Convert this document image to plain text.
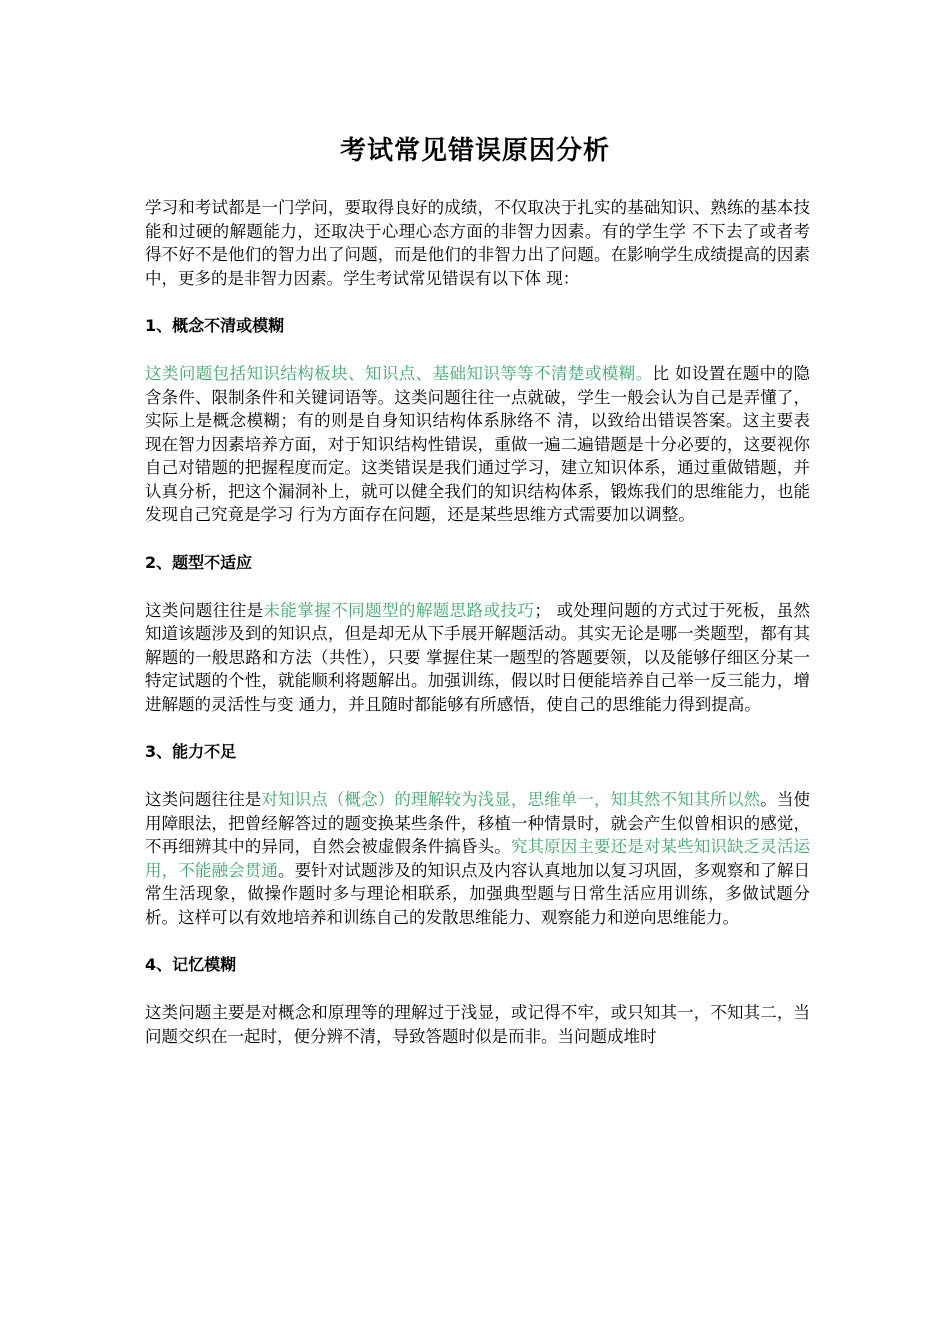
考试常见错误原因分析

学习和考试都是一门学问，要取得良好的成绩，不仅取决于扎实的基础知识、熟练的基本技能和过硬的解题能力，还取决于心理心态方面的非智力因素。有的学生学 不下去了或者考得不好不是他们的智力出了问题，而是他们的非智力出了问题。在影响学生成绩提高的因素中，更多的是非智力因素。学生考试常见错误有以下体 现：

1、概念不清或模糊

这类问题包括知识结构板块、知识点、基础知识等等不清楚或模糊。比 如设置在题中的隐含条件、限制条件和关键词语等。这类问题往往一点就破，学生一般会认为自己是弄懂了，实际上是概念模糊；有的则是自身知识结构体系脉络不 清，以致给出错误答案。这主要表现在智力因素培养方面，对于知识结构性错误，重做一遍二遍错题是十分必要的，这要视你自己对错题的把握程度而定。这类错误是我们通过学习，建立知识体系，通过重做错题，并认真分析，把这个漏洞补上，就可以健全我们的知识结构体系，锻炼我们的思维能力，也能发现自己究竟是学习 行为方面存在问题，还是某些思维方式需要加以调整。

2、题型不适应

这类问题往往是未能掌握不同题型的解题思路或技巧； 或处理问题的方式过于死板，虽然知道该题涉及到的知识点，但是却无从下手展开解题活动。其实无论是哪一类题型，都有其解题的一般思路和方法（共性），只要 掌握住某一题型的答题要领，以及能够仔细区分某一特定试题的个性，就能顺利将题解出。加强训练，假以时日便能培养自己举一反三能力，增进解题的灵活性与变 通力，并且随时都能够有所感悟，使自己的思维能力得到提高。

3、能力不足

这类问题往往是对知识点（概念）的理解较为浅显，思维单一，知其然不知其所以然。当使用障眼法，把曾经解答过的题变换某些条件，移植一种情景时，就会产生似曾相识的感觉，不再细辨其中的异同，自然会被虚假条件搞昏头。究其原因主要还是对某些知识缺乏灵活运用，不能融会贯通。要针对试题涉及的知识点及内容认真地加以复习巩固，多观察和了解日常生活现象，做操作题时多与理论相联系，加强典型题与日常生活应用训练，多做试题分析。这样可以有效地培养和训练自己的发散思维能力、观察能力和逆向思维能力。

4、记忆模糊

这类问题主要是对概念和原理等的理解过于浅显，或记得不牢，或只知其一，不知其二，当问题交织在一起时，便分辨不清，导致答题时似是而非。当问题成堆时
